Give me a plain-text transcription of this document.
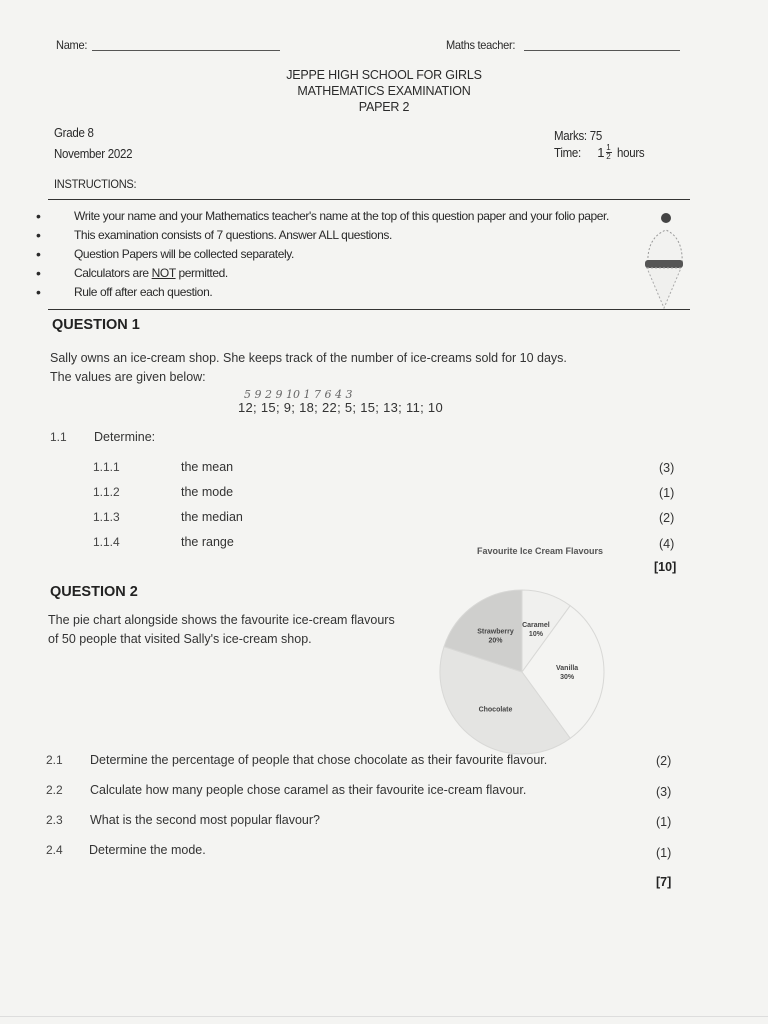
Name:	Maths teacher:
JEPPE HIGH SCHOOL FOR GIRLS
MATHEMATICS EXAMINATION
PAPER 2
Grade 8
November 2022
Marks: 75
Time: 1 1
2 hours
INSTRUCTIONS:
• Write your name and your Mathematics teacher's name at the top of this question paper and your folio paper.
• This examination consists of 7 questions. Answer ALL questions.
• Question Papers will be collected separately.
• Calculators are NOT permitted.
• Rule off after each question.
QUESTION 1
Sally owns an ice-cream shop. She keeps track of the number of ice-creams sold for 10 days.
The values are given below:
5 9 2 9 10 1 7 6 4 3
12; 15; 9; 18; 22; 5; 15; 13; 11; 10
1.1 Determine:
1.1.1	the mean	(3)
1.1.2	the mode	(1)
1.1.3	the median	(2)
1.1.4	the range	(4)
[10]
QUESTION 2
The pie chart alongside shows the favourite ice-cream flavours
of 50 people that visited Sally's ice-cream shop.
Favourite Ice Cream Flavours
Caramel
10%
Vanilla
30%
Chocolate
Strawberry
20%
2.1 Determine the percentage of people that chose chocolate as their favourite flavour.	(2)
2.2 Calculate how many people chose caramel as their favourite ice-cream flavour.	(3)
2.3 What is the second most popular flavour?	(1)
2.4 Determine the mode.	(1)
[7]
